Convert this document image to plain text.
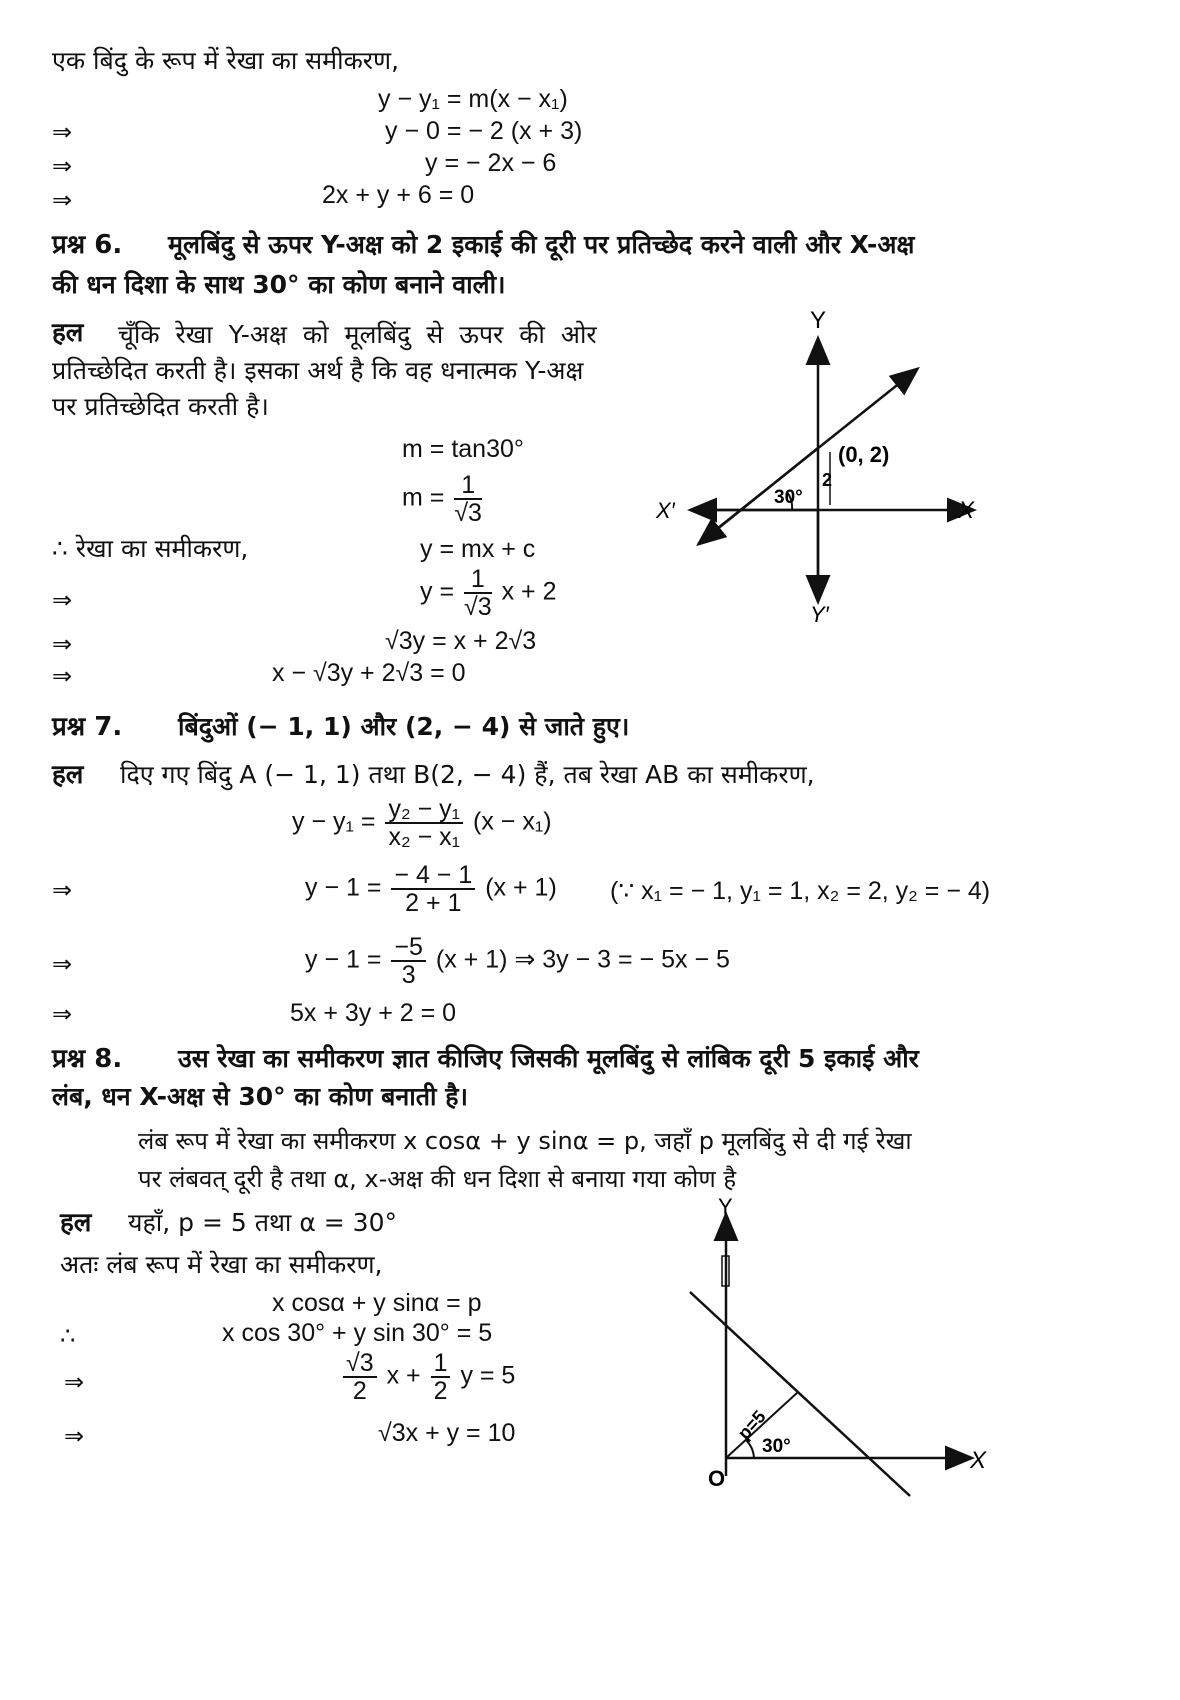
एक बिंदु के रूप में रेखा का समीकरण,
y − y₁ = m(x − x₁)
⇒	y − 0 = − 2 (x + 3)
⇒	y = − 2x − 6
⇒	2x + y + 6 = 0
प्रश्न 6. मूलबिंदु से ऊपर Y-अक्ष को 2 इकाई की दूरी पर प्रतिच्छेद करने वाली और X-अक्ष
की धन दिशा के साथ 30° का कोण बनाने वाली।
हल चूँकि रेखा Y-अक्ष को मूलबिंदु से ऊपर की ओर
प्रतिच्छेदित करती है। इसका अर्थ है कि वह धनात्मक Y-अक्ष
पर प्रतिच्छेदित करती है।
m = tan30°
$m = \frac{1}{√3}$
∴ रेखा का समीकरण,	y = mx + c
⇒	$y = \frac{1}{√3}$ x + 2
⇒	√3y = x + 2√3
⇒	x − √3y + 2√3 = 0
Y
Y′
X
X′
(0, 2)
30°
2
प्रश्न 7. बिंदुओं (− 1, 1) और (2, − 4) से जाते हुए।
हल दिए गए बिंदु A (− 1, 1) तथा B(2, − 4) हैं, तब रेखा AB का समीकरण,
$y - y_1 = \frac{\text{y₂ − y₁}}{\text{x₂ − x₁}} (x - x_1)$
⇒	$y - 1 = \frac{- 4 - 1}{2 + 1} (x + 1)$ (∵ x₁ = − 1, y₁ = 1, x₂ = 2, y₂ = − 4)
⇒	$y - 1 = \frac{-5}{3} (x + 1)$ ⇒ 3y − 3 = − 5x − 5
⇒	5x + 3y + 2 = 0
प्रश्न 8. उस रेखा का समीकरण ज्ञात कीजिए जिसकी मूलबिंदु से लांबिक दूरी 5 इकाई और
लंब, धन X-अक्ष से 30° का कोण बनाती है।
लंब रूप में रेखा का समीकरण x cosα + y sinα = p, जहाँ p मूलबिंदु से दी गई रेखा
पर लंबवत् दूरी है तथा α, x-अक्ष की धन दिशा से बनाया गया कोण है
हल यहाँ, p = 5 तथा α = 30°
अतः लंब रूप में रेखा का समीकरण,
x cosα + y sinα = p
∴	x cos 30° + y sin 30° = 5
⇒	$\frac{√3}{2}$ $x + \frac{1}{2}$ y = 5
⇒	√3x + y = 10
Y
X
O
p=5
30°
